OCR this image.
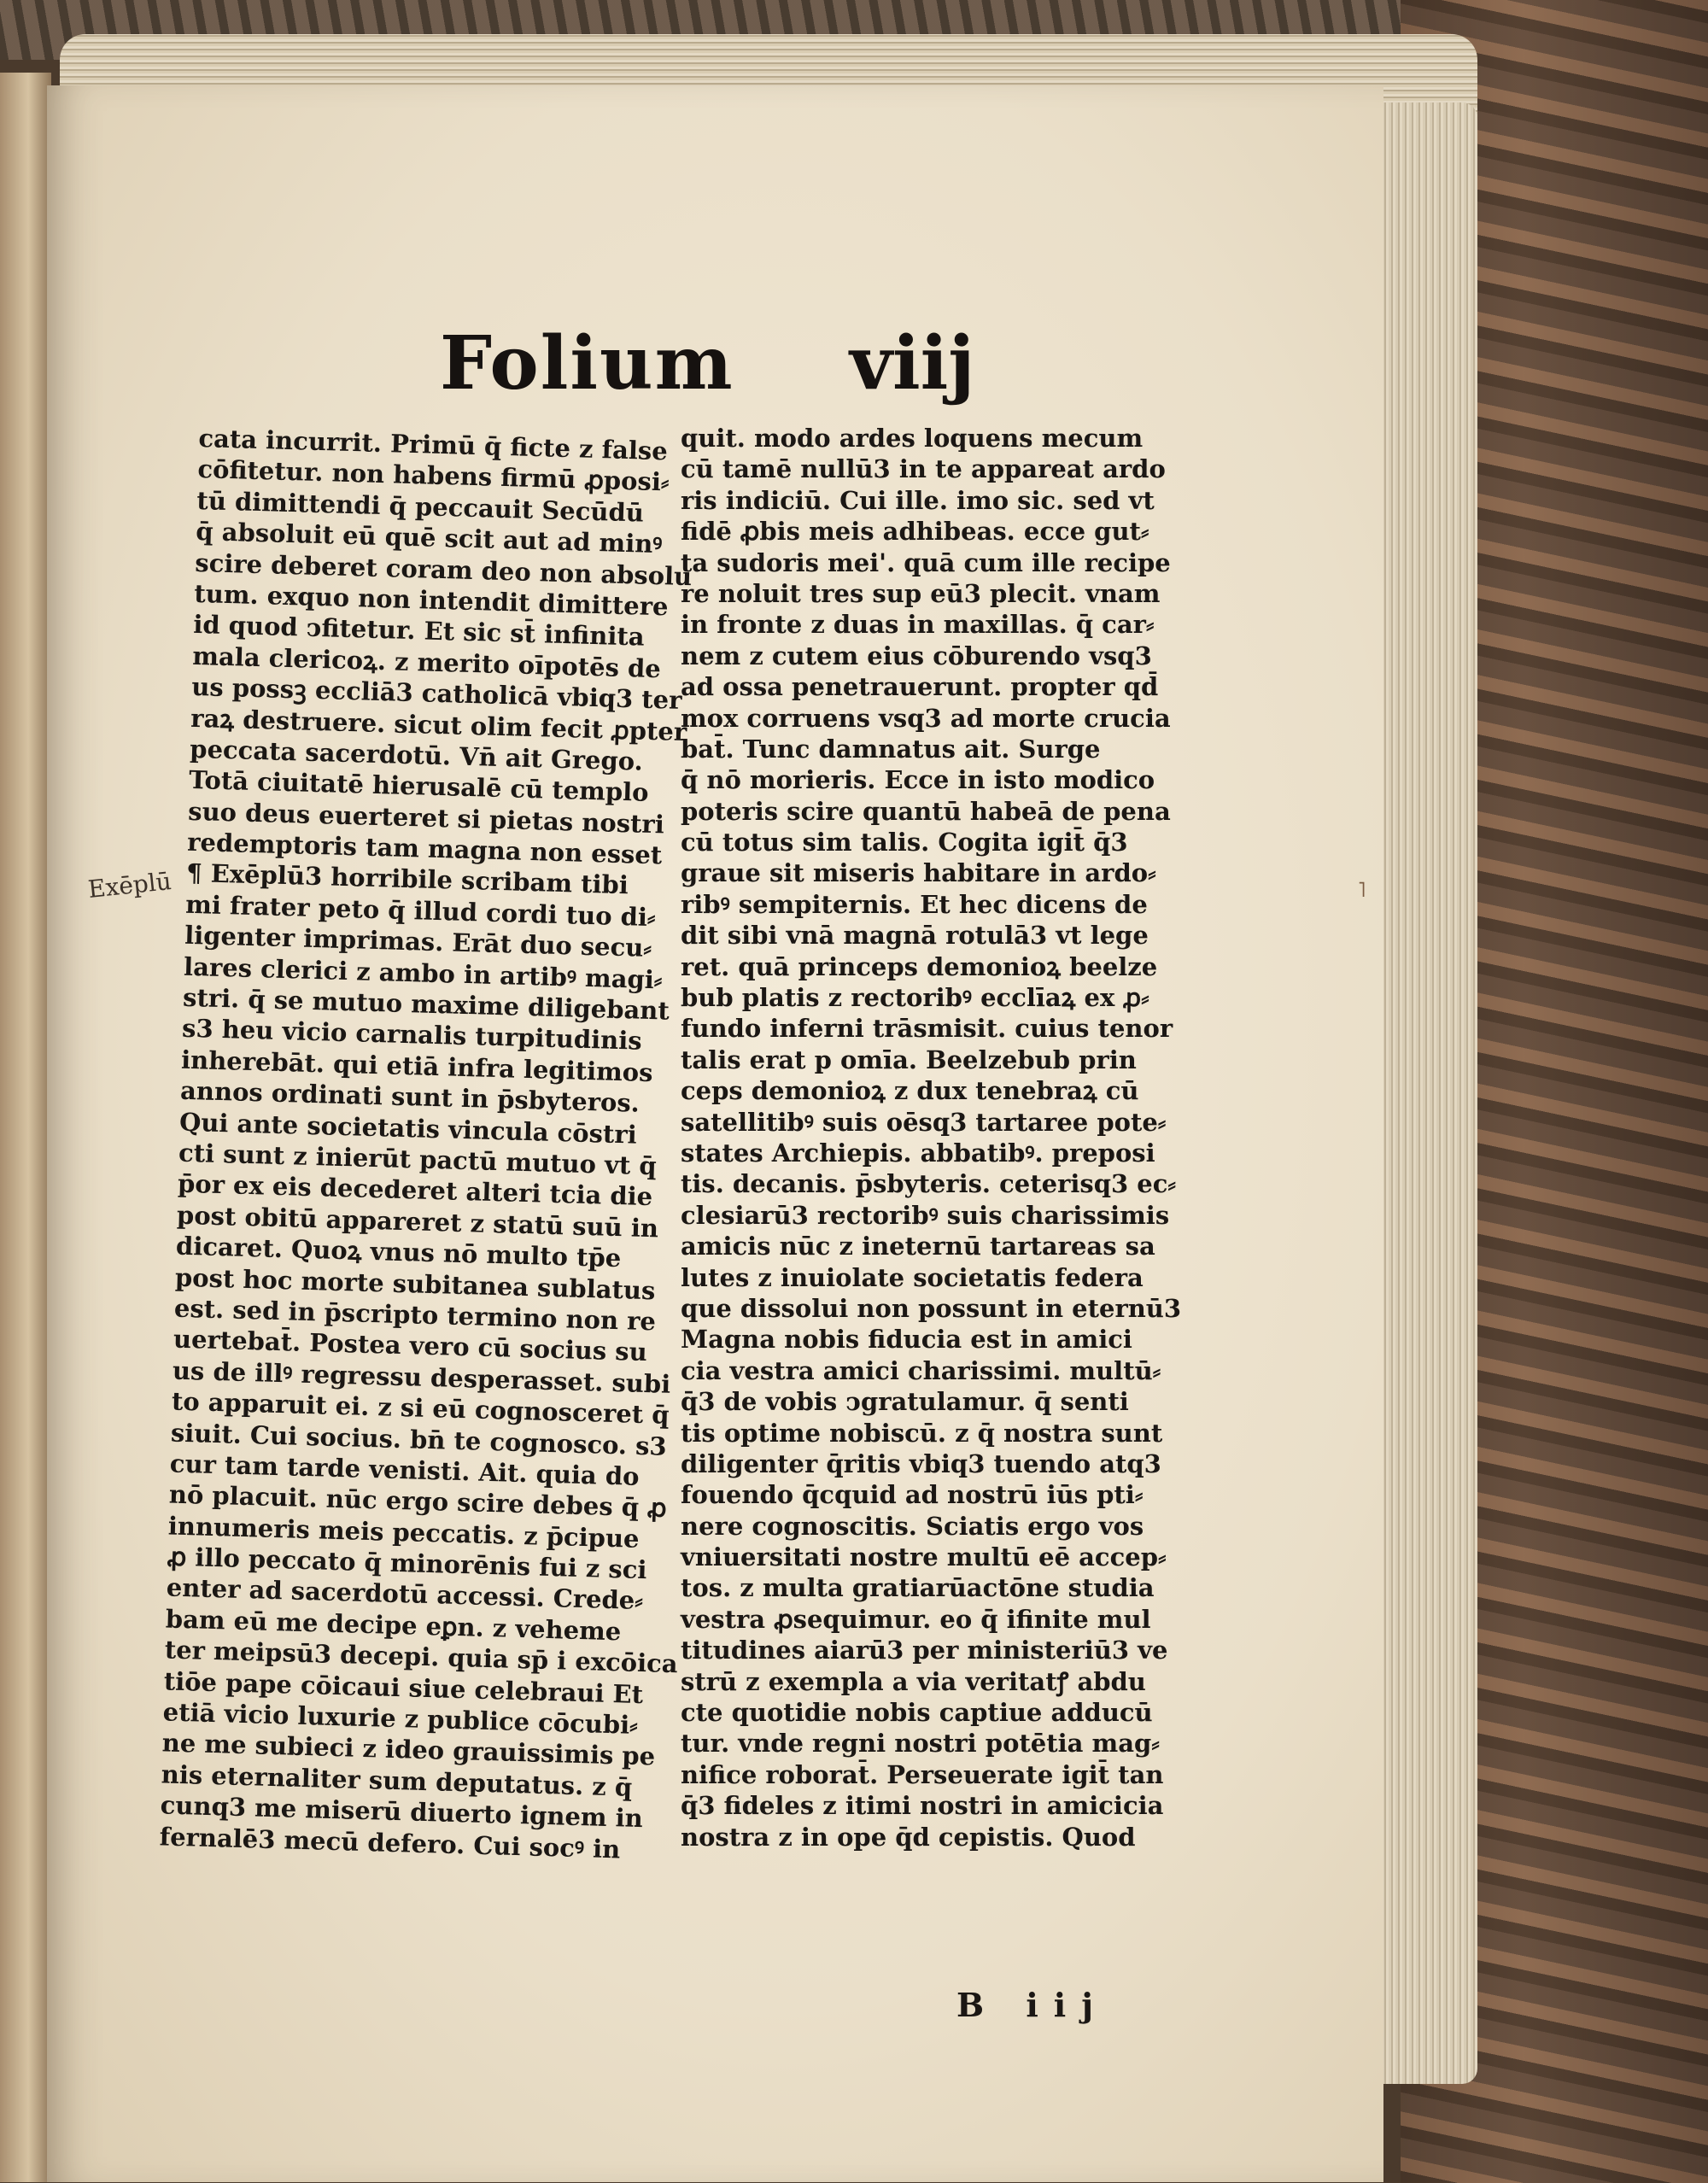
Folium viij
Exēplū
cata incurrit. Primū q̄ ficte z false
cōfitetur. non habens firmū ꝓposi⸗
tū dimittendi q̄ peccauit Secūdū
q̄ absoluit eū quē scit aut ad minꝰ
scire deberet coram deo non absolu
tum. exquo non intendit dimittere
id quod ↄfitetur. Et sic st̄ infinita
mala clericoꝝ. z merito oīpotēs de
us possꝫ eccliā3 catholicā vbiq3 ter
raꝝ destruere. sicut olim fecit ꝓpter
peccata sacerdotū. Vn̄ ait Grego.
Totā ciuitatē hierusalē cū templo
suo deus euerteret si pietas nostri
redemptoris tam magna non esset
¶ Exēplū3 horribile scribam tibi
mi frater peto q̄ illud cordi tuo di⸗
ligenter imprimas. Erāt duo secu⸗
lares clerici z ambo in artibꝰ magi⸗
stri. q̄ se mutuo maxime diligebant
s3 heu vicio carnalis turpitudinis
inherebāt. qui etiā infra legitimos
annos ordinati sunt in p̄sbyteros.
Qui ante societatis vincula cōstri
cti sunt z inierūt pactū mutuo vt q̄
p̄or ex eis decederet alteri tcia die
post obitū appareret z statū suū in
dicaret. Quoꝝ vnus nō multo tp̄e
post hoc morte subitanea sublatus
est. sed in p̄scripto termino non re
uertebat̄. Postea vero cū socius su
us de illꝰ regressu desperasset. subi
to apparuit ei. z si eū cognosceret q̄
siuit. Cui socius. bn̄ te cognosco. s3
cur tam tarde venisti. Ait. quia do
nō placuit. nūc ergo scire debes q̄ ꝓ
innumeris meis peccatis. z p̄cipue
ꝓ illo peccato q̄ minorēnis fui z sci
enter ad sacerdotū accessi. Crede⸗
bam eū me decipe eꝑn. z veheme
ter meipsū3 decepi. quia sp̄ i excōica
tiōe pape cōicaui siue celebraui Et
etiā vicio luxurie z publice cōcubi⸗
ne me subieci z ideo grauissimis pe
nis eternaliter sum deputatus. z q̄
cunq3 me miserū diuerto ignem in
fernalē3 mecū defero. Cui socꝰ in
quit. modo ardes loquens mecum
cū tamē nullū3 in te appareat ardo
ris indiciū. Cui ille. imo sic. sed vt
fidē ꝓbis meis adhibeas. ecce gut⸗
ta sudoris mei'. quā cum ille recipe
re noluit tres sup eū3 plecit. vnam
in fronte z duas in maxillas. q̄ car⸗
nem z cutem eius cōburendo vsq3
ad ossa penetrauerunt. propter qd̄
mox corruens vsq3 ad morte crucia
bat̄. Tunc damnatus ait. Surge
q̄ nō morieris. Ecce in isto modico
poteris scire quantū habeā de pena
cū totus sim talis. Cogita igit̄ q̄3
graue sit miseris habitare in ardo⸗
ribꝰ sempiternis. Et hec dicens de
dit sibi vnā magnā rotulā3 vt lege
ret. quā princeps demonioꝝ beelze
bub platis z rectoribꝰ ecclīaꝝ ex ꝓ⸗
fundo inferni trāsmisit. cuius tenor
talis erat p omīa. Beelzebub prin
ceps demonioꝝ z dux tenebraꝝ cū
satellitibꝰ suis oēsq3 tartaree pote⸗
states Archiepis. abbatibꝰ. preposi
tis. decanis. p̄sbyteris. ceterisq3 ec⸗
clesiarū3 rectoribꝰ suis charissimis
amicis nūc z ineternū tartareas sa
lutes z inuiolate societatis federa
que dissolui non possunt in eternū3
Magna nobis fiducia est in amici
cia vestra amici charissimi. multū⸗
q̄3 de vobis ↄgratulamur. q̄ senti
tis optime nobiscū. z q̄ nostra sunt
diligenter q̄ritis vbiq3 tuendo atq3
fouendo q̄cquid ad nostrū iūs pti⸗
nere cognoscitis. Sciatis ergo vos
vniuersitati nostre multū eē accep⸗
tos. z multa gratiarūactōne studia
vestra ꝓsequimur. eo q̄ ifinite mul
titudines aiarū3 per ministeriū3 ve
strū z exempla a via veritatꝭ abdu
cte quotidie nobis captiue adducū
tur. vnde regni nostri potētia mag⸗
nifice roborat̄. Perseuerate igit̄ tan
q̄3 fideles z itimi nostri in amicicia
nostra z in ope q̄d cepistis. Quod
˥
B iij
